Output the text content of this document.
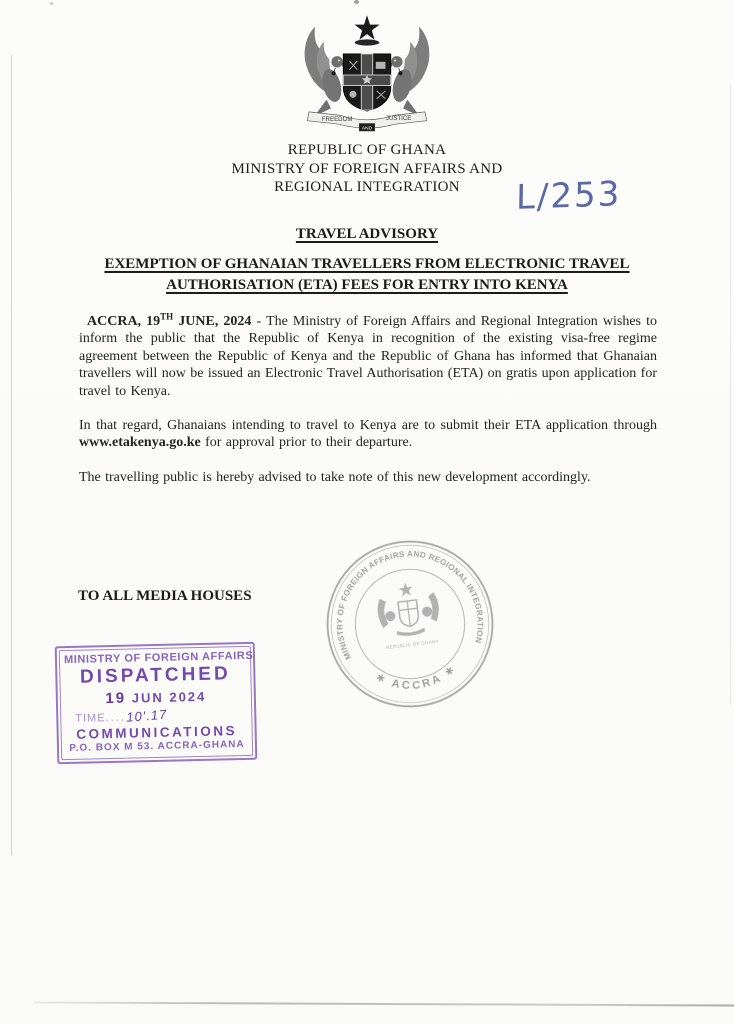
FREEDOM	JUSTICE
AND
REPUBLIC OF GHANA
MINISTRY OF FOREIGN AFFAIRS AND
REGIONAL INTEGRATION	L/253
TRAVEL ADVISORY
EXEMPTION OF GHANAIAN TRAVELLERS FROM ELECTRONIC TRAVEL
AUTHORISATION (ETA) FEES FOR ENTRY INTO KENYA

ACCRA, 19TH JUNE, 2024 - The Ministry of Foreign Affairs and Regional Integration wishes to inform the public that the Republic of Kenya in recognition of the existing visa-free regime agreement between the Republic of Kenya and the Republic of Ghana has informed that Ghanaian travellers will now be issued an Electronic Travel Authorisation (ETA) on gratis upon application for travel to Kenya.

In that regard, Ghanaians intending to travel to Kenya are to submit their ETA application through www.etakenya.go.ke for approval prior to their departure.

The travelling public is hereby advised to take note of this new development accordingly.

TO ALL MEDIA HOUSES
MINISTRY OF FOREIGN AFFAIRS AND REGIONAL INTEGRATION
∗ ACCRA ∗
REPUBLIC OF GHANA
MINISTRY OF FOREIGN AFFAIRS
DISPATCHED
19 JUN 2024
TIME....10'.17
COMMUNICATIONS
P.O. BOX M 53. ACCRA-GHANA
